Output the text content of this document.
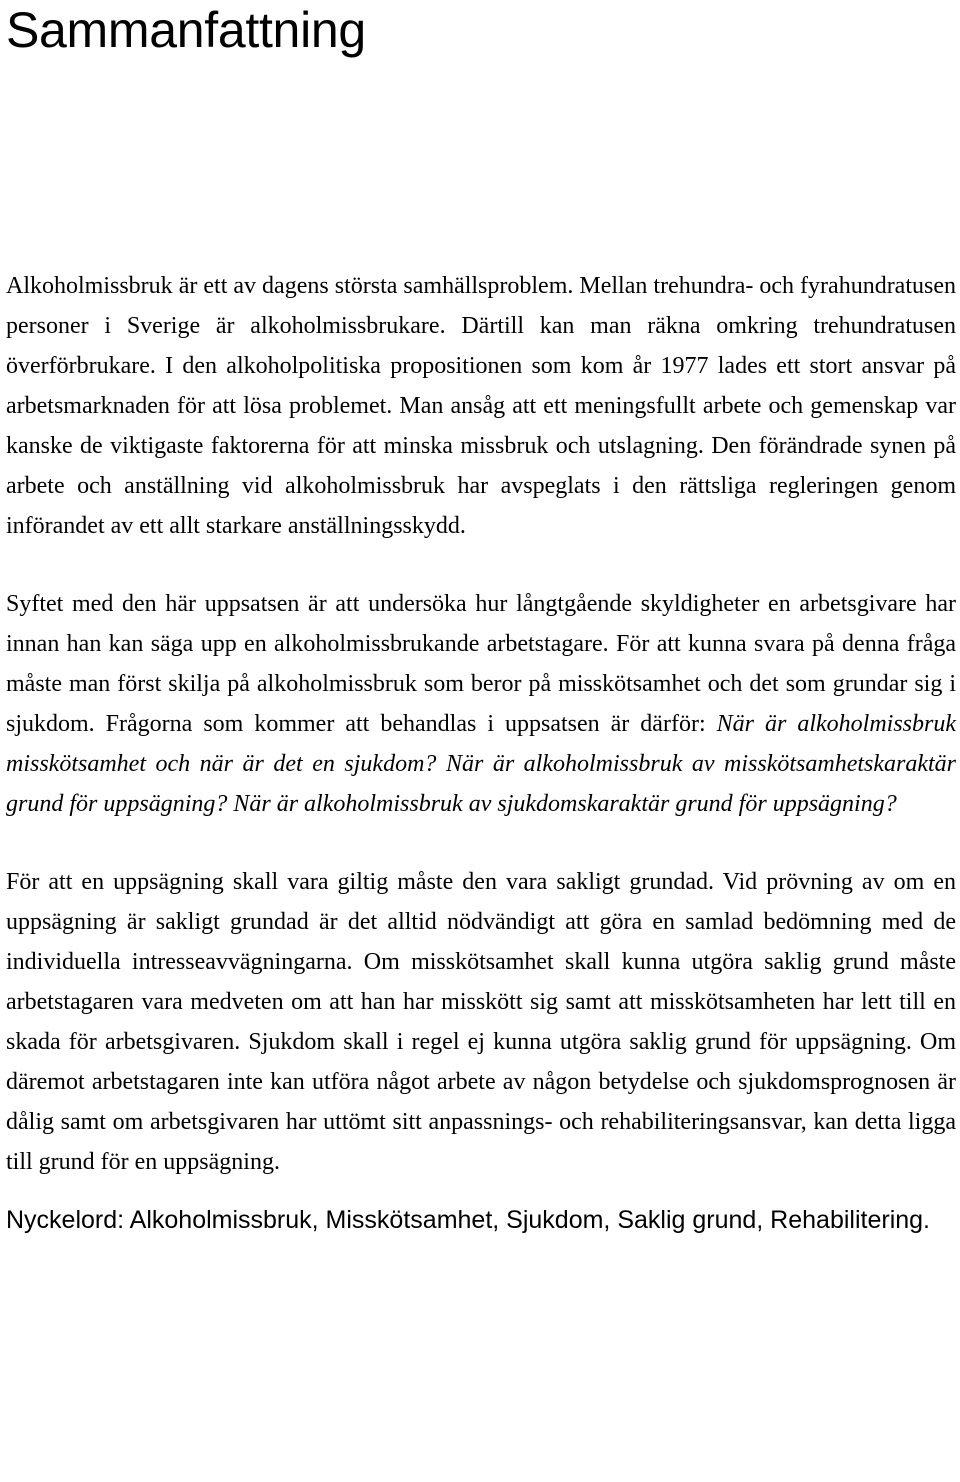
Sammanfattning

Alkoholmissbruk är ett av dagens största samhällsproblem. Mellan trehundra- och fyrahundratusen personer i Sverige är alkoholmissbrukare. Därtill kan man räkna omkring trehundratusen överförbrukare. I den alkoholpolitiska propositionen som kom år 1977 lades ett stort ansvar på arbetsmarknaden för att lösa problemet. Man ansåg att ett meningsfullt arbete och gemenskap var kanske de viktigaste faktorerna för att minska missbruk och utslagning. Den förändrade synen på arbete och anställning vid alkoholmissbruk har avspeglats i den rättsliga regleringen genom införandet av ett allt starkare anställningsskydd.

Syftet med den här uppsatsen är att undersöka hur långtgående skyldigheter en arbetsgivare har innan han kan säga upp en alkoholmissbrukande arbetstagare. För att kunna svara på denna fråga måste man först skilja på alkoholmissbruk som beror på misskötsamhet och det som grundar sig i sjukdom. Frågorna som kommer att behandlas i uppsatsen är därför: När är alkoholmissbruk misskötsamhet och när är det en sjukdom? När är alkoholmissbruk av misskötsamhetskaraktär grund för uppsägning? När är alkoholmissbruk av sjukdomskaraktär grund för uppsägning?

För att en uppsägning skall vara giltig måste den vara sakligt grundad. Vid prövning av om en uppsägning är sakligt grundad är det alltid nödvändigt att göra en samlad bedömning med de individuella intresseavvägningarna. Om misskötsamhet skall kunna utgöra saklig grund måste arbetstagaren vara medveten om att han har misskött sig samt att misskötsamheten har lett till en skada för arbetsgivaren. Sjukdom skall i regel ej kunna utgöra saklig grund för uppsägning. Om däremot arbetstagaren inte kan utföra något arbete av någon betydelse och sjukdomsprognosen är dålig samt om arbetsgivaren har uttömt sitt anpassnings- och rehabiliteringsansvar, kan detta ligga till grund för en uppsägning.

Nyckelord: Alkoholmissbruk, Misskötsamhet, Sjukdom, Saklig grund, Rehabilitering.
